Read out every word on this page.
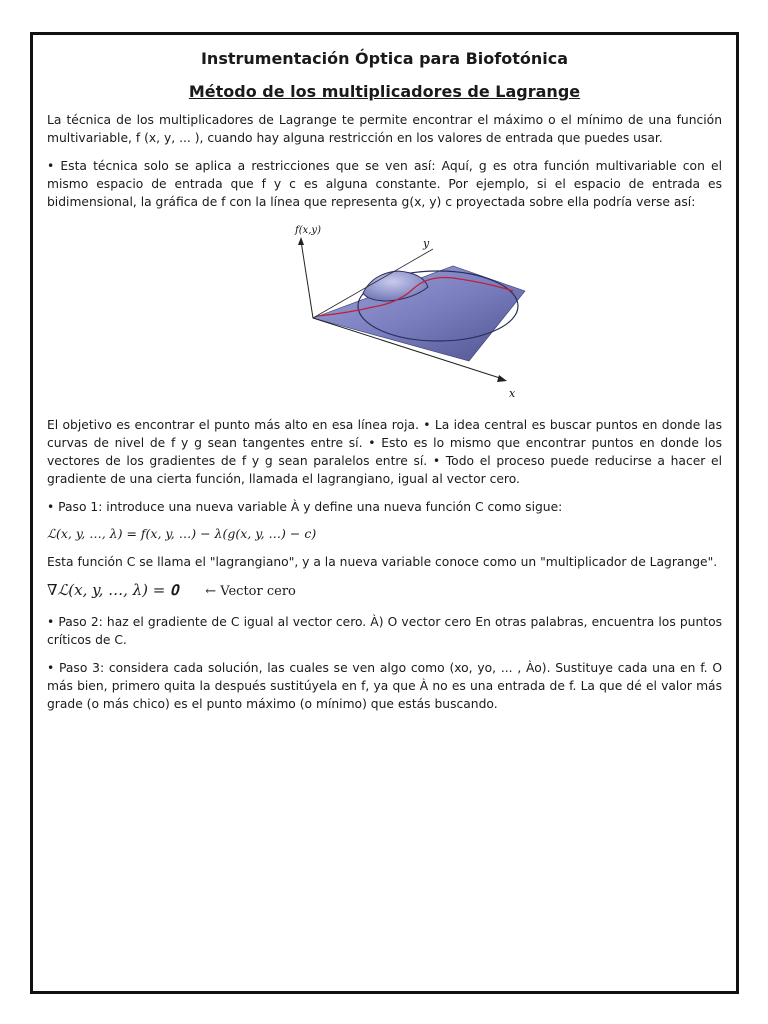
Instrumentación Óptica para Biofotónica
Método de los multiplicadores de Lagrange

La técnica de los multiplicadores de Lagrange te permite encontrar el máximo o el mínimo de una función multivariable, f (x, y, ... ), cuando hay alguna restricción en los valores de entrada que puedes usar.

• Esta técnica solo se aplica a restricciones que se ven así: Aquí, g es otra función multivariable con el mismo espacio de entrada que f y c es alguna constante. Por ejemplo, si el espacio de entrada es bidimensional, la gráfica de f con la línea que representa g(x, y) c proyectada sobre ella podría verse así:

f(x,y)
y
x

El objetivo es encontrar el punto más alto en esa línea roja. • La idea central es buscar puntos en donde las curvas de nivel de f y g sean tangentes entre sí. • Esto es lo mismo que encontrar puntos en donde los vectores de los gradientes de f y g sean paralelos entre sí. • Todo el proceso puede reducirse a hacer el gradiente de una cierta función, llamada el lagrangiano, igual al vector cero.

• Paso 1: introduce una nueva variable À y define una nueva función C como sigue:

ℒ(x, y, …, λ) = f(x, y, …) − λ(g(x, y, …) − c)

Esta función C se llama el "lagrangiano", y a la nueva variable conoce como un "multiplicador de Lagrange".

∇ℒ(x, y, …, λ) = 𝟎 ← Vector cero

• Paso 2: haz el gradiente de C igual al vector cero. À) O vector cero En otras palabras, encuentra los puntos críticos de C.

• Paso 3: considera cada solución, las cuales se ven algo como (xo, yo, ... , Ào). Sustituye cada una en f. O más bien, primero quita la después sustitúyela en f, ya que À no es una entrada de f. La que dé el valor más grade (o más chico) es el punto máximo (o mínimo) que estás buscando.
